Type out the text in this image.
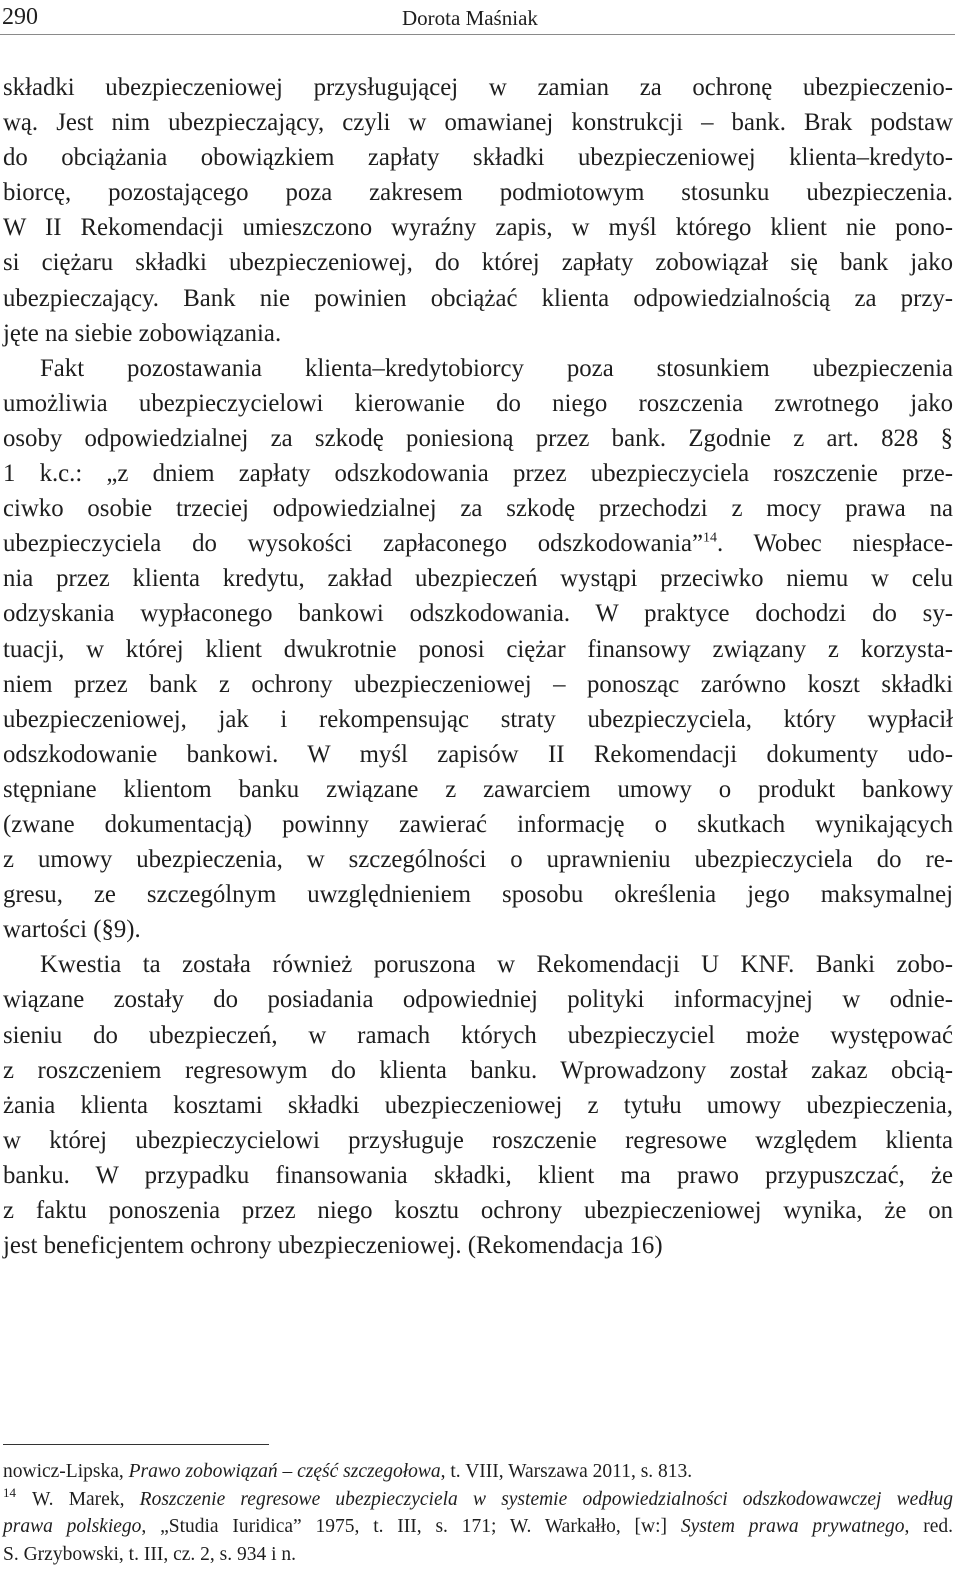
290	Dorota Maśniak
składki ubezpieczeniowej przysługującej w zamian za ochronę ubezpieczenio-
wą. Jest nim ubezpieczający, czyli w omawianej konstrukcji – bank. Brak podstaw
do obciążania obowiązkiem zapłaty składki ubezpieczeniowej klienta–kredyto-
biorcę, pozostającego poza zakresem podmiotowym stosunku ubezpieczenia.
W II Rekomendacji umieszczono wyraźny zapis, w myśl którego klient nie pono-
si ciężaru składki ubezpieczeniowej, do której zapłaty zobowiązał się bank jako
ubezpieczający. Bank nie powinien obciążać klienta odpowiedzialnością za przy-
jęte na siebie zobowiązania.
Fakt pozostawania klienta–kredytobiorcy poza stosunkiem ubezpieczenia
umożliwia ubezpieczycielowi kierowanie do niego roszczenia zwrotnego jako
osoby odpowiedzialnej za szkodę poniesioną przez bank. Zgodnie z art. 828 §
1 k.c.: „z dniem zapłaty odszkodowania przez ubezpieczyciela roszczenie prze-
ciwko osobie trzeciej odpowiedzialnej za szkodę przechodzi z mocy prawa na
ubezpieczyciela do wysokości zapłaconego odszkodowania”$^{14}$. Wobec niespłace-
nia przez klienta kredytu, zakład ubezpieczeń wystąpi przeciwko niemu w celu
odzyskania wypłaconego bankowi odszkodowania. W praktyce dochodzi do sy-
tuacji, w której klient dwukrotnie ponosi ciężar finansowy związany z korzysta-
niem przez bank z ochrony ubezpieczeniowej – ponosząc zarówno koszt składki
ubezpieczeniowej, jak i rekompensując straty ubezpieczyciela, który wypłacił
odszkodowanie bankowi. W myśl zapisów II Rekomendacji dokumenty udo-
stępniane klientom banku związane z zawarciem umowy o produkt bankowy
(zwane dokumentacją) powinny zawierać informację o skutkach wynikających
z umowy ubezpieczenia, w szczególności o uprawnieniu ubezpieczyciela do re-
gresu, ze szczególnym uwzględnieniem sposobu określenia jego maksymalnej
wartości (§9).
Kwestia ta została również poruszona w Rekomendacji U KNF. Banki zobo-
wiązane zostały do posiadania odpowiedniej polityki informacyjnej w odnie-
sieniu do ubezpieczeń, w ramach których ubezpieczyciel może występować
z roszczeniem regresowym do klienta banku. Wprowadzony został zakaz obcią-
żania klienta kosztami składki ubezpieczeniowej z tytułu umowy ubezpieczenia,
w której ubezpieczycielowi przysługuje roszczenie regresowe względem klienta
banku. W przypadku finansowania składki, klient ma prawo przypuszczać, że
z faktu ponoszenia przez niego kosztu ochrony ubezpieczeniowej wynika, że on
jest beneficjentem ochrony ubezpieczeniowej. (Rekomendacja 16)
nowicz-Lipska, Prawo zobowiązań – część szczegołowa, t. VIII, Warszawa 2011, s. 813.
$^{14}$ W. Marek, Roszczenie regresowe ubezpieczyciela w systemie odpowiedzialności odszkodowawczej według
prawa polskiego, „Studia Iuridica” 1975, t. III, s. 171; W. Warkałło, [w:] System prawa prywatnego, red.
S. Grzybowski, t. III, cz. 2, s. 934 i n.
